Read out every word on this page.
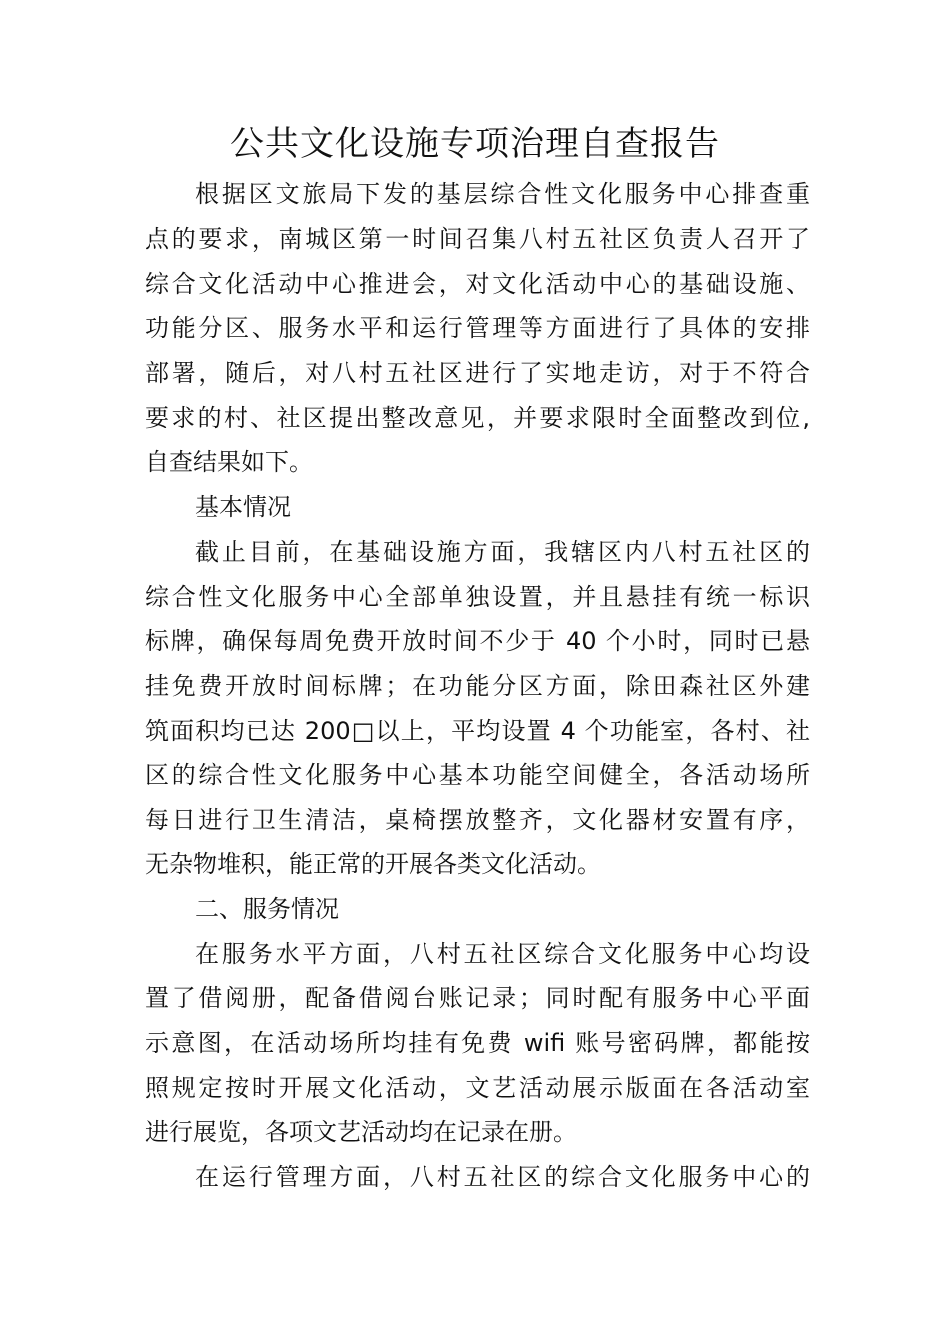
公共文化设施专项治理自查报告
根据区文旅局下发的基层综合性文化服务中心排查重
点的要求，南城区第一时间召集八村五社区负责人召开了
综合文化活动中心推进会，对文化活动中心的基础设施、
功能分区、服务水平和运行管理等方面进行了具体的安排
部署，随后，对八村五社区进行了实地走访，对于不符合
要求的村、社区提出整改意见，并要求限时全面整改到位,
自查结果如下。
基本情况
截止目前，在基础设施方面，我辖区内八村五社区的
综合性文化服务中心全部单独设置，并且悬挂有统一标识
标牌，确保每周免费开放时间不少于 40 个小时，同时已悬
挂免费开放时间标牌；在功能分区方面，除田森社区外建
筑面积均已达 200□以上，平均设置 4 个功能室，各村、社
区的综合性文化服务中心基本功能空间健全，各活动场所
每日进行卫生清洁，桌椅摆放整齐，文化器材安置有序，
无杂物堆积，能正常的开展各类文化活动。
二、服务情况
在服务水平方面，八村五社区综合文化服务中心均设
置了借阅册，配备借阅台账记录；同时配有服务中心平面
示意图，在活动场所均挂有免费 wifi 账号密码牌，都能按
照规定按时开展文化活动，文艺活动展示版面在各活动室
进行展览，各项文艺活动均在记录在册。
在运行管理方面，八村五社区的综合文化服务中心的
